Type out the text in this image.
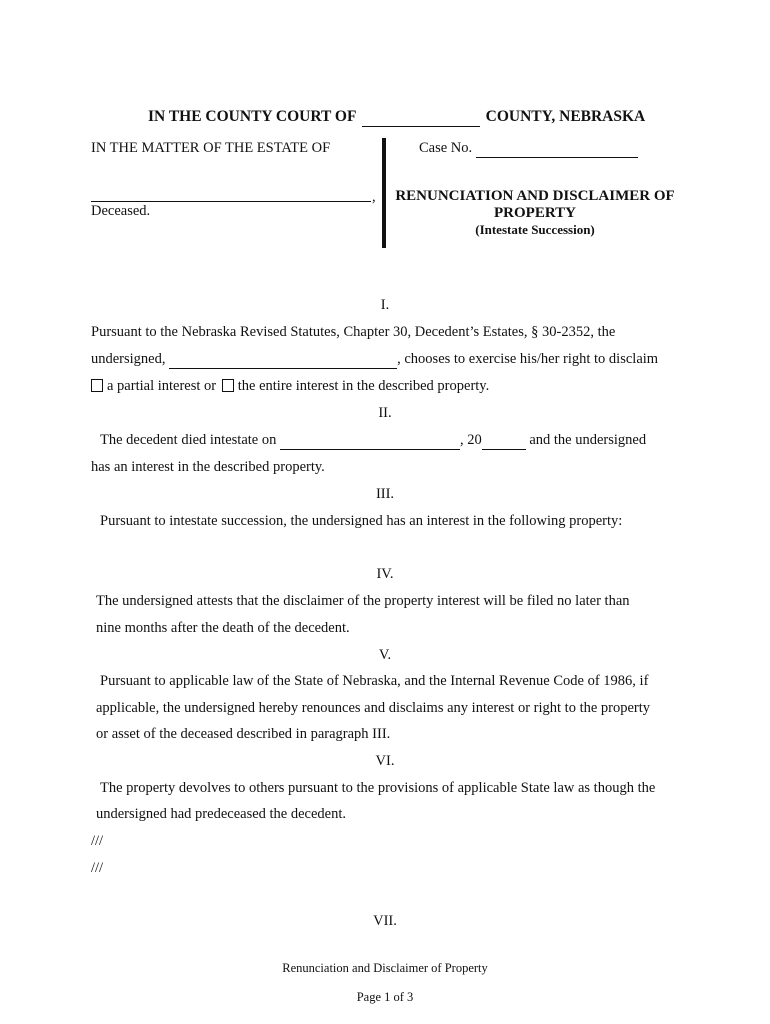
IN THE COUNTY COURT OF	COUNTY, NEBRASKA
IN THE MATTER OF THE ESTATE OF
,
Deceased.
Case No.
RENUNCIATION AND DISCLAIMER OF
PROPERTY
(Intestate Succession)
I.
Pursuant to the Nebraska Revised Statutes, Chapter 30, Decedent’s Estates, § 30-2352, the
undersigned,	, chooses to exercise his/her right to disclaim
a partial interest or the entire interest in the described property.
II.
The decedent died intestate on	, 20	and the undersigned
has an interest in the described property.
III.
Pursuant to intestate succession, the undersigned has an interest in the following property:
IV.
The undersigned attests that the disclaimer of the property interest will be filed no later than
nine months after the death of the decedent.
V.
Pursuant to applicable law of the State of Nebraska, and the Internal Revenue Code of 1986, if
applicable, the undersigned hereby renounces and disclaims any interest or right to the property
or asset of the deceased described in paragraph III.
VI.
The property devolves to others pursuant to the provisions of applicable State law as though the
undersigned had predeceased the decedent.
///
///
VII.
Renunciation and Disclaimer of Property
Page 1 of 3
